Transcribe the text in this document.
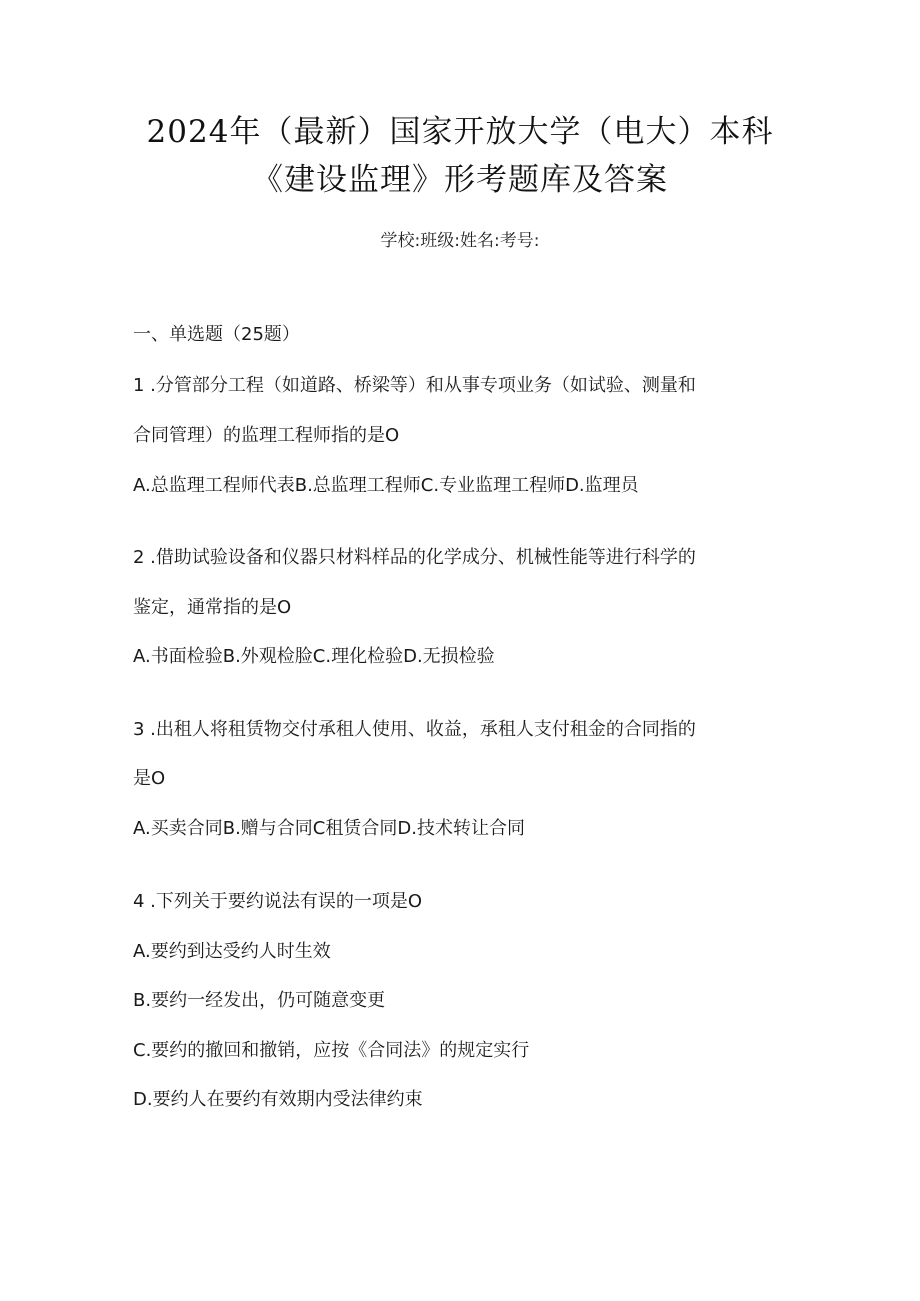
2024年（最新）国家开放大学（电大）本科
《建设监理》形考题库及答案
学校:班级:姓名:考号:
一、单选题（25题）
1 .分管部分工程（如道路、桥梁等）和从事专项业务（如试验、测量和
合同管理）的监理工程师指的是O
A.总监理工程师代表B.总监理工程师C.专业监理工程师D.监理员
2 .借助试验设备和仪器只材料样品的化学成分、机械性能等进行科学的
鉴定，通常指的是O
A.书面检验B.外观检脸C.理化检验D.无损检验
3 .出租人将租赁物交付承租人使用、收益，承租人支付租金的合同指的
是O
A.买卖合同B.赠与合同C租赁合同D.技术转让合同
4 .下列关于要约说法有误的一项是O
A.要约到达受约人时生效
B.要约一经发出，仍可随意变更
C.要约的撤回和撤销，应按《合同法》的规定实行
D.要约人在要约有效期内受法律约束
